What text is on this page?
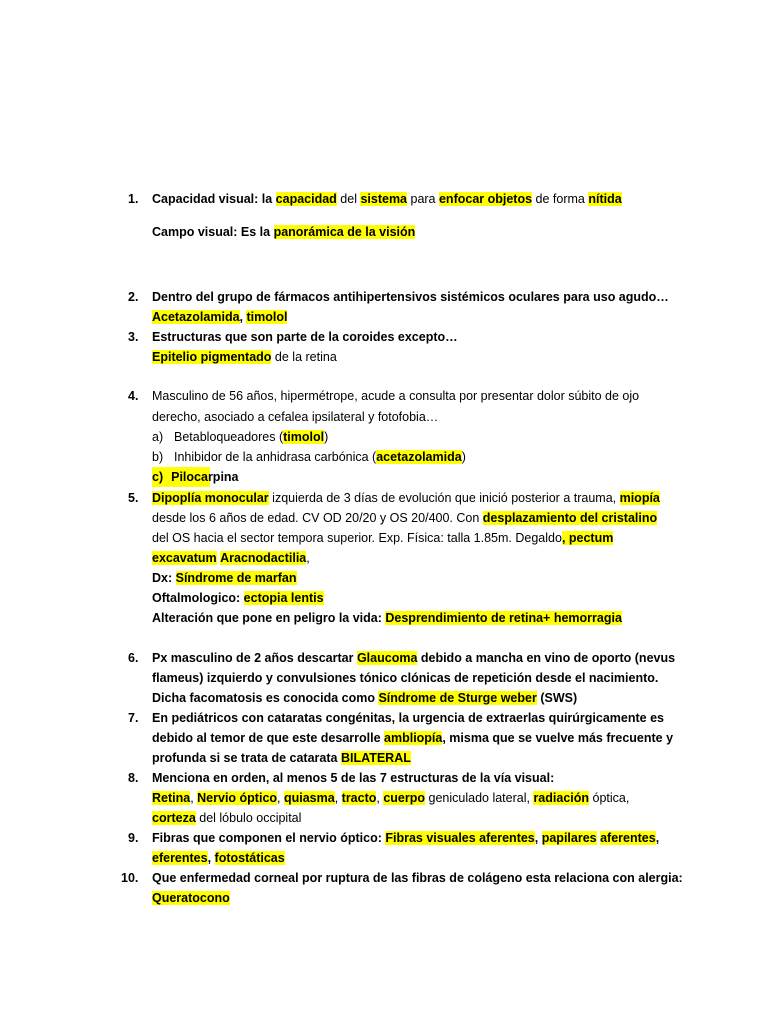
1. Capacidad visual: la capacidad del sistema para enfocar objetos de forma nítida
Campo visual: Es la panorámica de la visión
2. Dentro del grupo de fármacos antihipertensivos sistémicos oculares para uso agudo…
Acetazolamida, timolol
3. Estructuras que son parte de la coroides excepto…
Epitelio pigmentado de la retina
4. Masculino de 56 años, hipermétrope, acude a consulta por presentar dolor súbito de ojo
derecho, asociado a cefalea ipsilateral y fotofobia…
a) Betabloqueadores (timolol)
b) Inhibidor de la anhidrasa carbónica (acetazolamida)
c) Pilocarpina
5. Dipoplía monocular izquierda de 3 días de evolución que inició posterior a trauma, miopía
desde los 6 años de edad. CV OD 20/20 y OS 20/400. Con desplazamiento del cristalino
del OS hacia el sector tempora superior. Exp. Física: talla 1.85m. Degaldo, pectum
excavatum Aracnodactilia,
Dx: Síndrome de marfan
Oftalmologico: ectopia lentis
Alteración que pone en peligro la vida: Desprendimiento de retina+ hemorragia
6. Px masculino de 2 años descartar Glaucoma debido a mancha en vino de oporto (nevus
flameus) izquierdo y convulsiones tónico clónicas de repetición desde el nacimiento.
Dicha facomatosis es conocida como Síndrome de Sturge weber (SWS)
7. En pediátricos con cataratas congénitas, la urgencia de extraerlas quirúrgicamente es
debido al temor de que este desarrolle ambliopía, misma que se vuelve más frecuente y
profunda si se trata de catarata BILATERAL
8. Menciona en orden, al menos 5 de las 7 estructuras de la vía visual:
Retina, Nervio óptico, quiasma, tracto, cuerpo geniculado lateral, radiación óptica,
corteza del lóbulo occipital
9. Fibras que componen el nervio óptico: Fibras visuales aferentes, papilares aferentes,
eferentes, fotostáticas
10. Que enfermedad corneal por ruptura de las fibras de colágeno esta relaciona con alergia:
Queratocono
